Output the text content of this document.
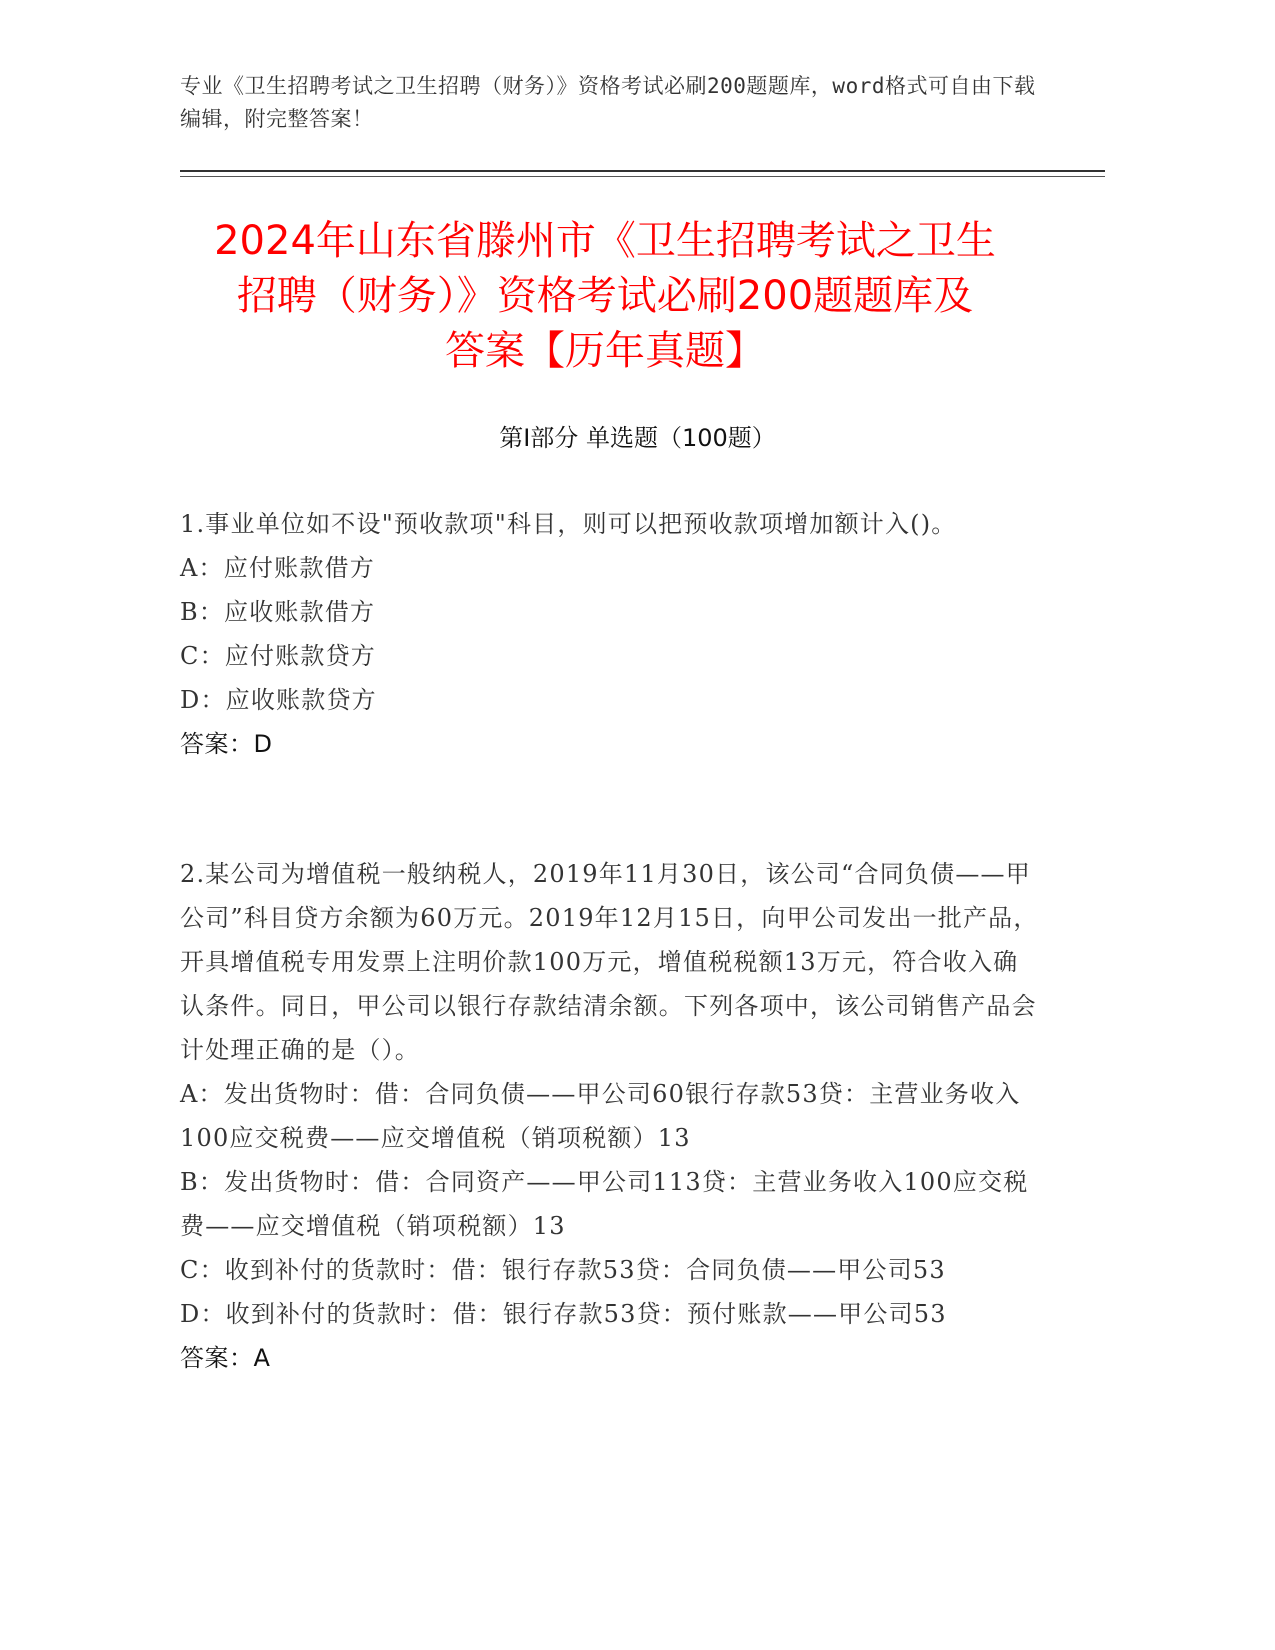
专业《卫生招聘考试之卫生招聘（财务）》资格考试必刷200题题库，word格式可自由下载编辑，附完整答案！
2024年山东省滕州市《卫生招聘考试之卫生
招聘（财务）》资格考试必刷200题题库及
答案【历年真题】
第I部分 单选题（100题）
1.事业单位如不设"预收款项"科目，则可以把预收款项增加额计入()。
A：应付账款借方
B：应收账款借方
C：应付账款贷方
D：应收账款贷方
答案：D
2.某公司为增值税一般纳税人，2019年11月30日，该公司“合同负债——甲公司”科目贷方余额为60万元。2019年12月15日，向甲公司发出一批产品，开具增值税专用发票上注明价款100万元，增值税税额13万元，符合收入确认条件。同日，甲公司以银行存款结清余额。下列各项中，该公司销售产品会计处理正确的是（）。
A：发出货物时：借：合同负债——甲公司60银行存款53贷：主营业务收入100应交税费——应交增值税（销项税额）13
B：发出货物时：借：合同资产——甲公司113贷：主营业务收入100应交税费——应交增值税（销项税额）13
C：收到补付的货款时：借：银行存款53贷：合同负债——甲公司53
D：收到补付的货款时：借：银行存款53贷：预付账款——甲公司53
答案：A
